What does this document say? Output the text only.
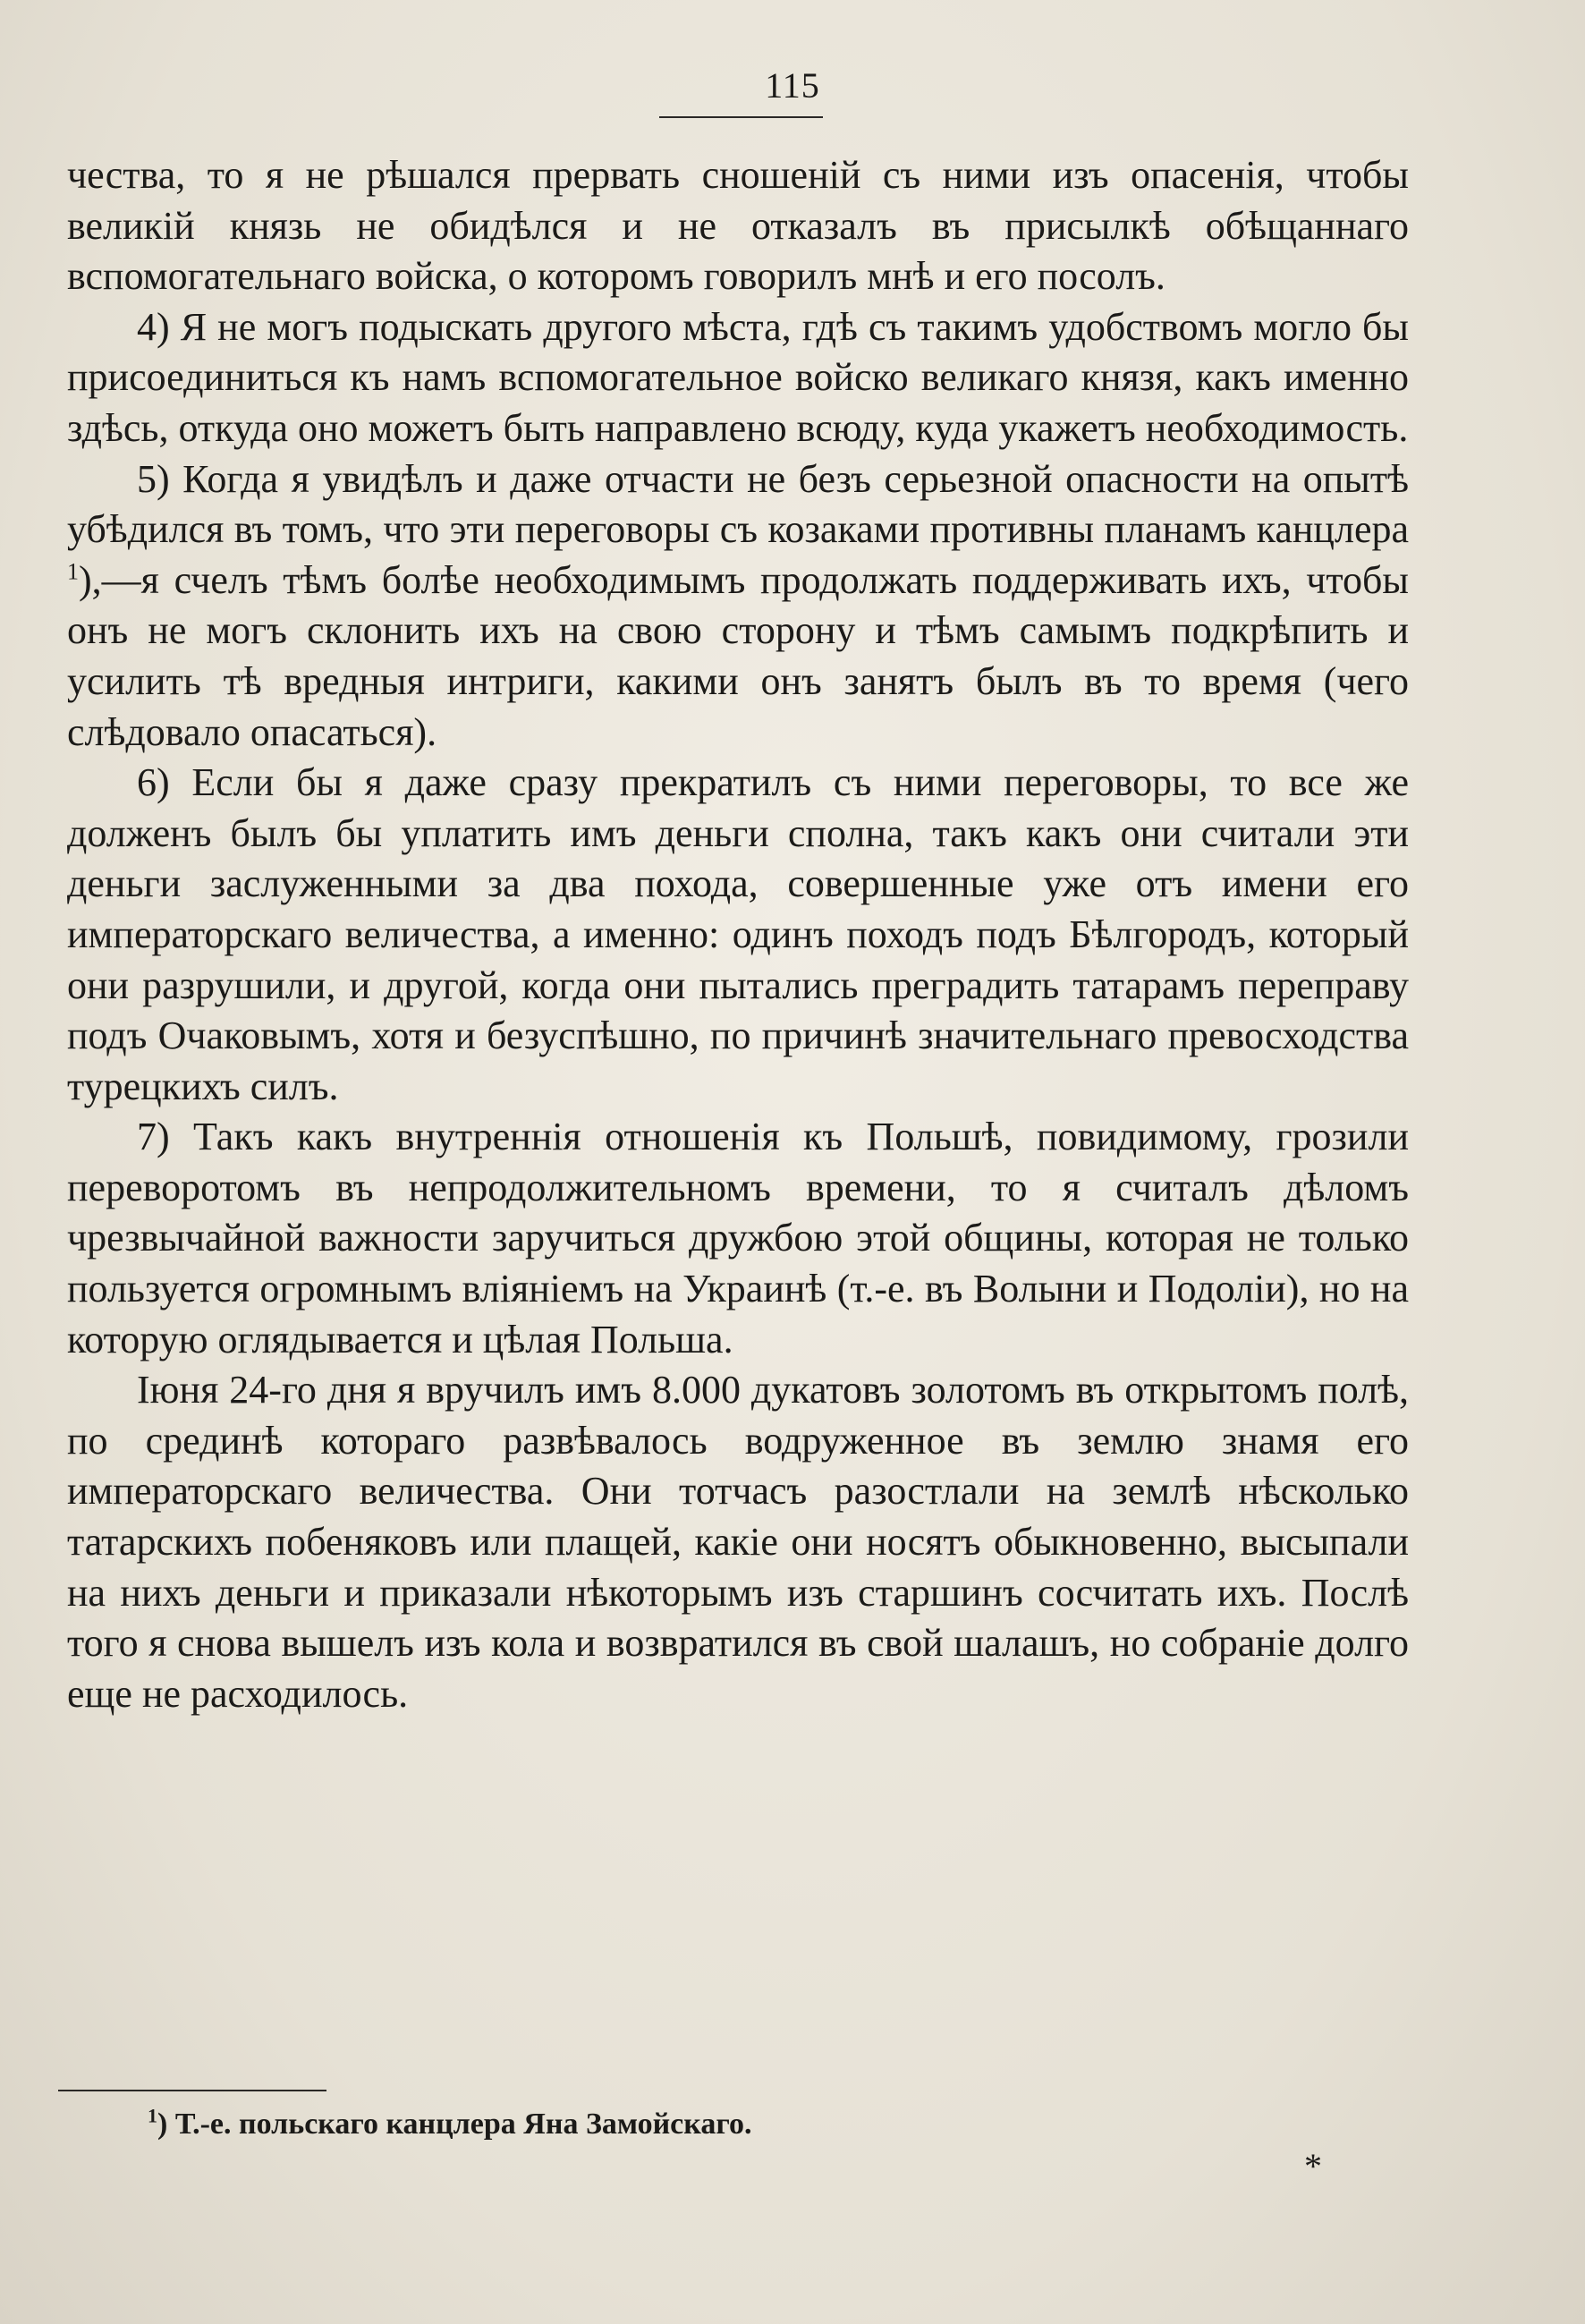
115

чества, то я не рѣшался прервать сношенiй съ ними изъ опасенiя, чтобы великiй князь не обидѣлся и не отказалъ въ присылкѣ обѣщаннаго вспомогательнаго войска, о которомъ говорилъ мнѣ и его посолъ.

4) Я не могъ подыскать другого мѣста, гдѣ съ такимъ удобствомъ могло бы присоединиться къ намъ вспомогательное войско великаго князя, какъ именно здѣсь, откуда оно можетъ быть направлено всюду, куда укажетъ необходимость.

5) Когда я увидѣлъ и даже отчасти не безъ серьезной опасности на опытѣ убѣдился въ томъ, что эти переговоры съ козаками противны планамъ канцлера $^1$),—я счелъ тѣмъ болѣе необходимымъ продолжать поддерживать ихъ, чтобы онъ не могъ склонить ихъ на свою сторону и тѣмъ самымъ подкрѣпить и усилить тѣ вредныя интриги, какими онъ занятъ былъ въ то время (чего слѣдовало опасаться).

6) Если бы я даже сразу прекратилъ съ ними переговоры, то все же долженъ былъ бы уплатить имъ деньги сполна, такъ какъ они считали эти деньги заслуженными за два похода, совершенные уже отъ имени его императорскаго величества, а именно: одинъ походъ подъ Бѣлгородъ, который они разрушили, и другой, когда они пытались преградить татарамъ переправу подъ Очаковымъ, хотя и безуспѣшно, по причинѣ значительнаго превосходства турецкихъ силъ.

7) Такъ какъ внутреннiя отношенiя къ Польшѣ, повидимому, грозили переворотомъ въ непродолжительномъ времени, то я считалъ дѣломъ чрезвычайной важности заручиться дружбою этой общины, которая не только пользуется огромнымъ влiянiемъ на Украинѣ (т.-е. въ Волыни и Подолiи), но на которую оглядывается и цѣлая Польша.

Iюня 24-го дня я вручилъ имъ 8.000 дукатовъ золотомъ въ открытомъ полѣ, по срединѣ котораго развѣвалось водруженное въ землю знамя его императорскаго величества. Они тотчасъ разостлали на землѣ нѣсколько татарскихъ побеняковъ или плащей, какiе они носятъ обыкновенно, высыпали на нихъ деньги и приказали нѣкоторымъ изъ старшинъ сосчитать ихъ. Послѣ того я снова вышелъ изъ кола и возвратился въ свой шалашъ, но собранiе долго еще не расходилось.

$^1$) Т.-е. польскаго канцлера Яна Замойскаго.
*
